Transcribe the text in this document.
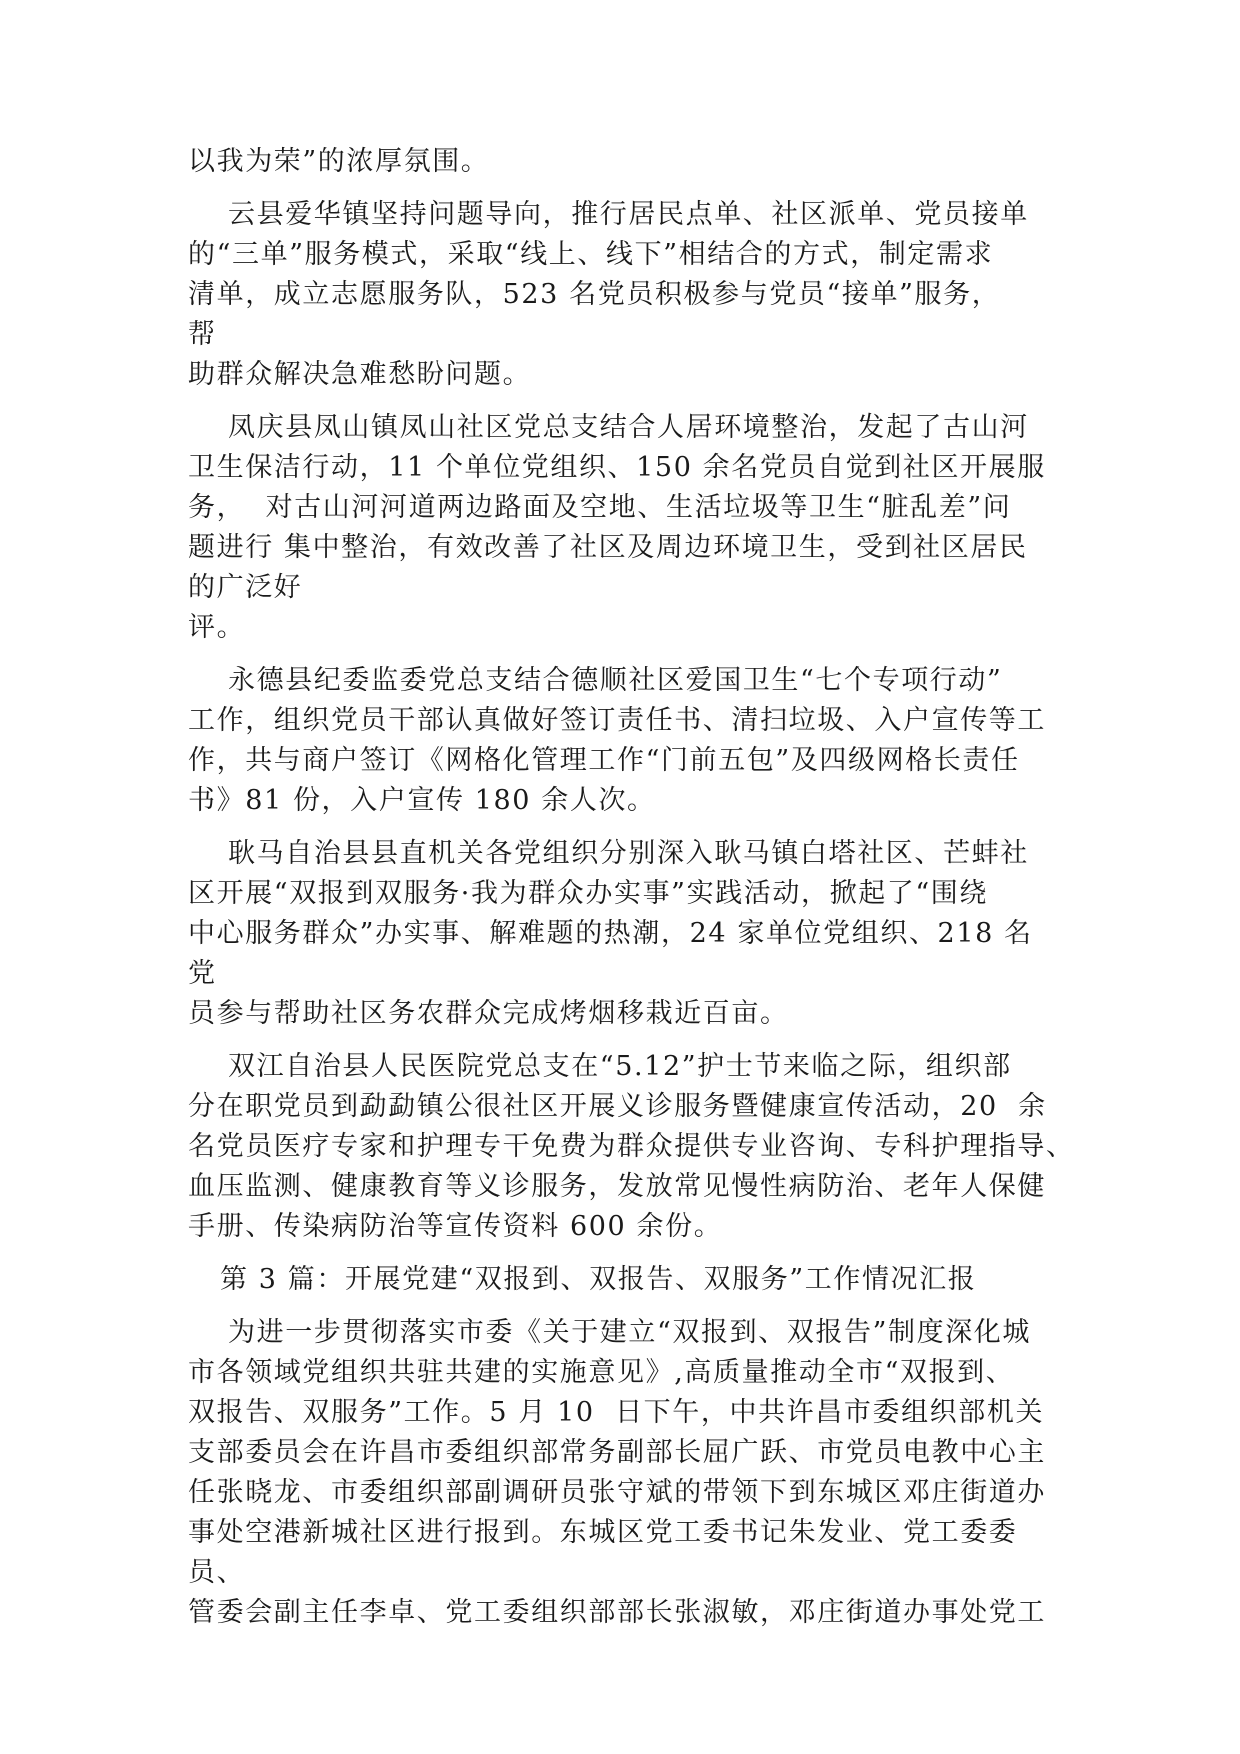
以我为荣”的浓厚氛围。
云县爱华镇坚持问题导向，推行居民点单、社区派单、党员接单
的“三单”服务模式，采取“线上、线下”相结合的方式，制定需求
清单，成立志愿服务队，523 名党员积极参与党员“接单”服务，
帮
助群众解决急难愁盼问题。
凤庆县凤山镇凤山社区党总支结合人居环境整治，发起了古山河
卫生保洁行动，11 个单位党组织、150 余名党员自觉到社区开展服
务，  对古山河河道两边路面及空地、生活垃圾等卫生“脏乱差”问
题进行 集中整治，有效改善了社区及周边环境卫生，受到社区居民
的广泛好
评。
永德县纪委监委党总支结合德顺社区爱国卫生“七个专项行动”
工作，组织党员干部认真做好签订责任书、清扫垃圾、入户宣传等工
作，共与商户签订《网格化管理工作“门前五包”及四级网格长责任
书》81 份，入户宣传 180 余人次。
耿马自治县县直机关各党组织分别深入耿马镇白塔社区、芒蚌社
区开展“双报到双服务·我为群众办实事”实践活动，掀起了“围绕
中心服务群众”办实事、解难题的热潮，24 家单位党组织、218 名
党
员参与帮助社区务农群众完成烤烟移栽近百亩。
双江自治县人民医院党总支在“5.12”护士节来临之际，组织部
分在职党员到勐勐镇公很社区开展义诊服务暨健康宣传活动，20  余
名党员医疗专家和护理专干免费为群众提供专业咨询、专科护理指导、
血压监测、健康教育等义诊服务，发放常见慢性病防治、老年人保健
手册、传染病防治等宣传资料 600 余份。
第 3 篇：开展党建“双报到、双报告、双服务”工作情况汇报
为进一步贯彻落实市委《关于建立“双报到、双报告”制度深化城
市各领域党组织共驻共建的实施意见》,高质量推动全市“双报到、
双报告、双服务”工作。5 月 10  日下午，中共许昌市委组织部机关
支部委员会在许昌市委组织部常务副部长屈广跃、市党员电教中心主
任张晓龙、市委组织部副调研员张守斌的带领下到东城区邓庄街道办
事处空港新城社区进行报到。东城区党工委书记朱发业、党工委委
员、
管委会副主任李卓、党工委组织部部长张淑敏，邓庄街道办事处党工
